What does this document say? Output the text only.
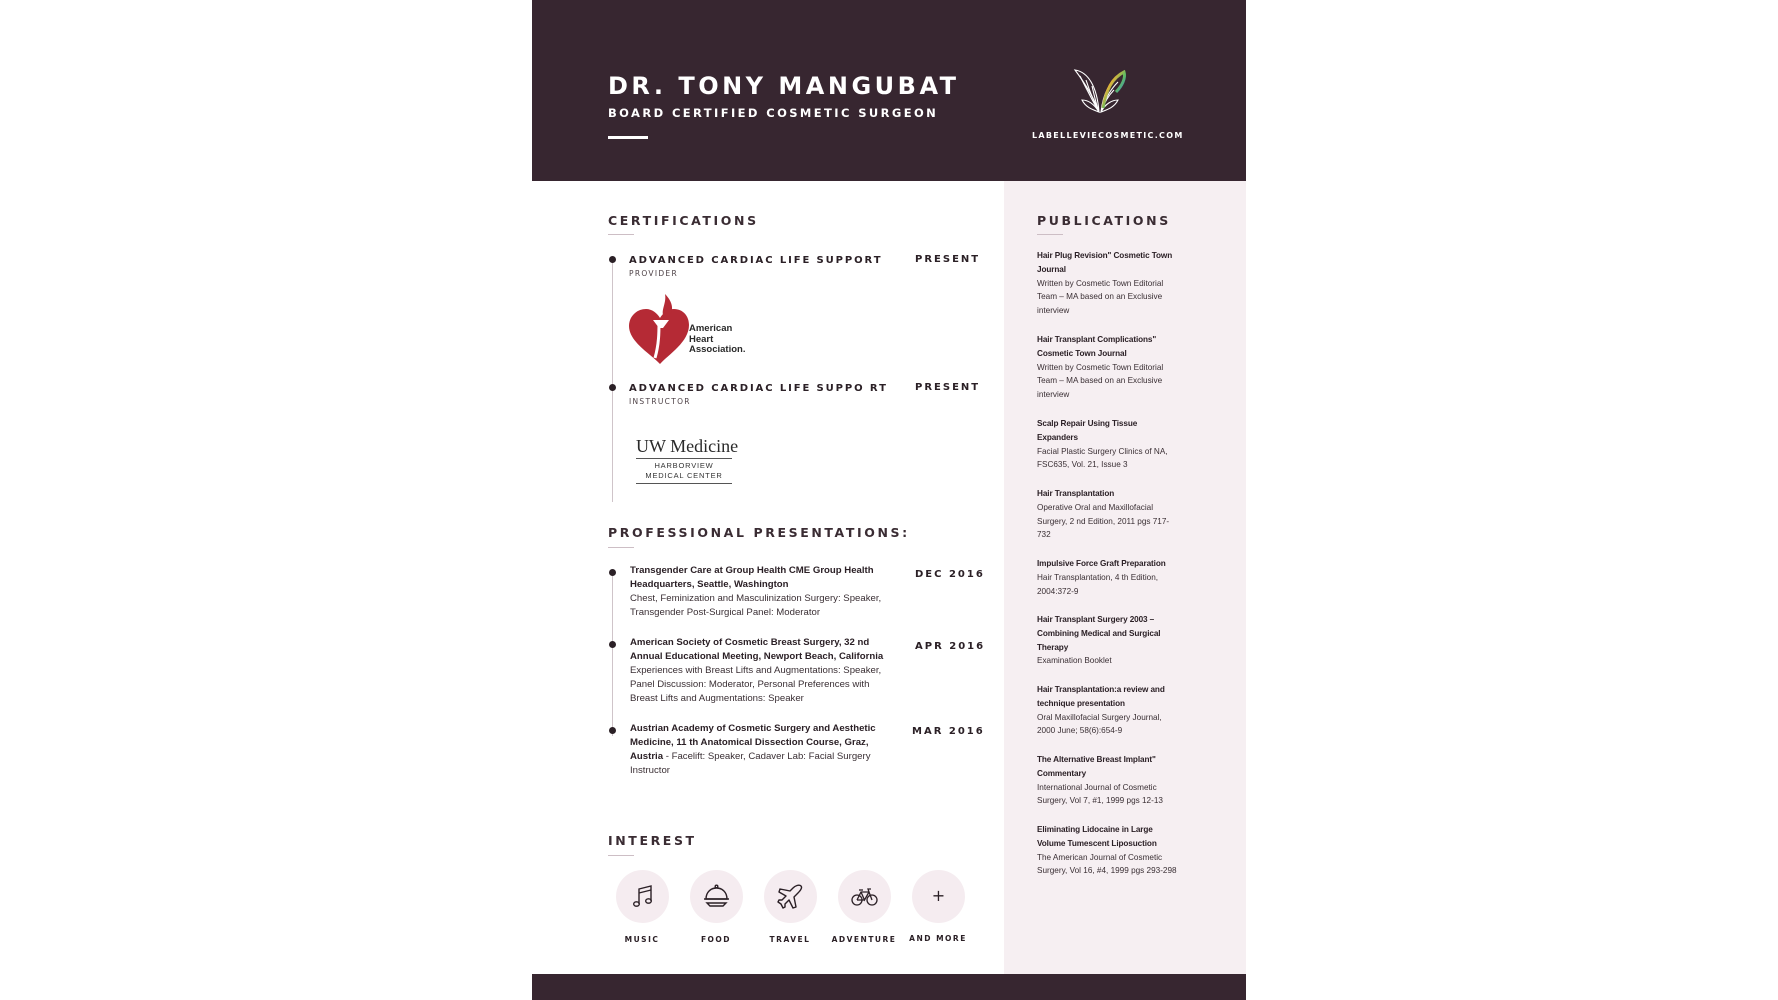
DR. TONY MANGUBAT
BOARD CERTIFIED COSMETIC SURGEON
LABELLEVIECOSMETIC.COM
CERTIFICATIONS
ADVANCED CARDIAC LIFE SUPPORT
PROVIDER
PRESENT
American
Heart
Association.
ADVANCED CARDIAC LIFE SUPPO RT
INSTRUCTOR
PRESENT
UW Medicine
HARBORVIEW
MEDICAL CENTER
PROFESSIONAL PRESENTATIONS:
Transgender Care at Group Health CME Group Health Headquarters, Seattle, Washington
Chest, Feminization and Masculinization Surgery: Speaker, Transgender Post-Surgical Panel: Moderator
DEC 2016
American Society of Cosmetic Breast Surgery, 32 nd Annual Educational Meeting, Newport Beach, California
Experiences with Breast Lifts and Augmentations: Speaker, Panel Discussion: Moderator, Personal Preferences with Breast Lifts and Augmentations: Speaker
APR 2016
Austrian Academy of Cosmetic Surgery and Aesthetic Medicine, 11 th Anatomical Dissection Course, Graz, Austria - Facelift: Speaker, Cadaver Lab: Facial Surgery Instructor
MAR 2016
INTEREST
MUSIC	FOOD	TRAVEL	ADVENTURE
+
AND MORE
PUBLICATIONS
Hair Plug Revision" Cosmetic Town Journal
Written by Cosmetic Town Editorial Team – MA based on an Exclusive interview
Hair Transplant Complications" Cosmetic Town Journal
Written by Cosmetic Town Editorial Team – MA based on an Exclusive interview
Scalp Repair Using Tissue Expanders
Facial Plastic Surgery Clinics of NA, FSC635, Vol. 21, Issue 3
Hair Transplantation
Operative Oral and Maxillofacial Surgery, 2 nd Edition, 2011 pgs 717-732
Impulsive Force Graft Preparation
Hair Transplantation, 4 th Edition, 2004:372-9
Hair Transplant Surgery 2003 – Combining Medical and Surgical Therapy
Examination Booklet
Hair Transplantation:a review and technique presentation
Oral Maxillofacial Surgery Journal, 2000 June; 58(6):654-9
The Alternative Breast Implant" Commentary
International Journal of Cosmetic Surgery, Vol 7, #1, 1999 pgs 12-13
Eliminating Lidocaine in Large Volume Tumescent Liposuction
The American Journal of Cosmetic Surgery, Vol 16, #4, 1999 pgs 293-298
